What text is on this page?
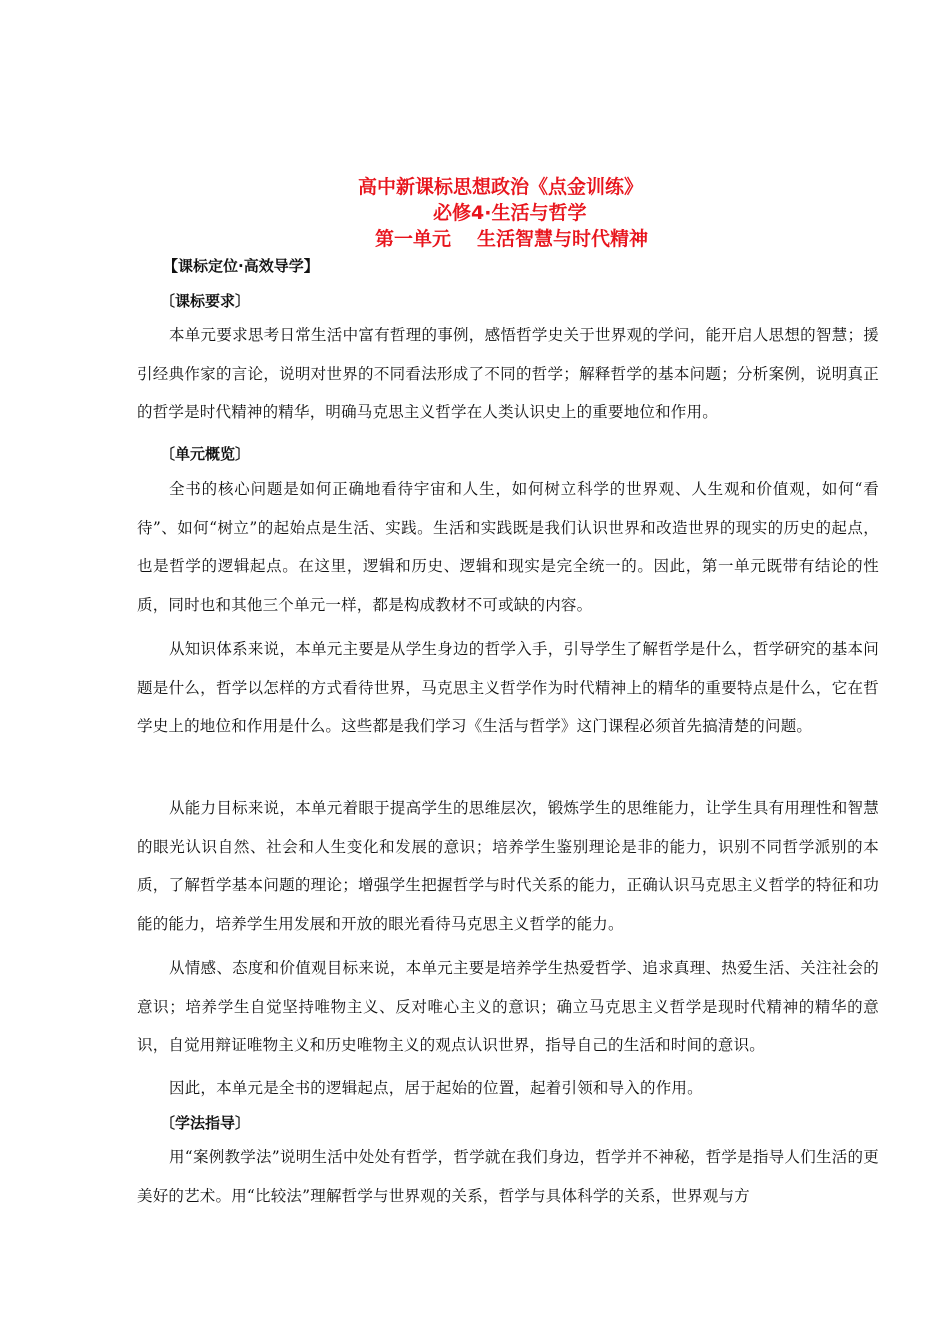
高中新课标思想政治《点金训练》
必修4·生活与哲学
第一单元 生活智慧与时代精神
【课标定位·高效导学】
〔课标要求〕
本单元要求思考日常生活中富有哲理的事例，感悟哲学史关于世界观的学问，能开启人思想的智慧；援引经典作家的言论，说明对世界的不同看法形成了不同的哲学；解释哲学的基本问题；分析案例，说明真正的哲学是时代精神的精华，明确马克思主义哲学在人类认识史上的重要地位和作用。
〔单元概览〕
全书的核心问题是如何正确地看待宇宙和人生，如何树立科学的世界观、人生观和价值观，如何“看待”、如何“树立”的起始点是生活、实践。生活和实践既是我们认识世界和改造世界的现实的历史的起点，也是哲学的逻辑起点。在这里，逻辑和历史、逻辑和现实是完全统一的。因此，第一单元既带有结论的性质，同时也和其他三个单元一样，都是构成教材不可或缺的内容。
从知识体系来说，本单元主要是从学生身边的哲学入手，引导学生了解哲学是什么，哲学研究的基本问题是什么，哲学以怎样的方式看待世界，马克思主义哲学作为时代精神上的精华的重要特点是什么，它在哲学史上的地位和作用是什么。这些都是我们学习《生活与哲学》这门课程必须首先搞清楚的问题。
从能力目标来说，本单元着眼于提高学生的思维层次，锻炼学生的思维能力，让学生具有用理性和智慧的眼光认识自然、社会和人生变化和发展的意识；培养学生鉴别理论是非的能力，识别不同哲学派别的本质，了解哲学基本问题的理论；增强学生把握哲学与时代关系的能力，正确认识马克思主义哲学的特征和功能的能力，培养学生用发展和开放的眼光看待马克思主义哲学的能力。
从情感、态度和价值观目标来说，本单元主要是培养学生热爱哲学、追求真理、热爱生活、关注社会的意识；培养学生自觉坚持唯物主义、反对唯心主义的意识；确立马克思主义哲学是现时代精神的精华的意识，自觉用辩证唯物主义和历史唯物主义的观点认识世界，指导自己的生活和时间的意识。
因此，本单元是全书的逻辑起点，居于起始的位置，起着引领和导入的作用。
〔学法指导〕
用“案例教学法”说明生活中处处有哲学，哲学就在我们身边，哲学并不神秘，哲学是指导人们生活的更美好的艺术。用“比较法”理解哲学与世界观的关系，哲学与具体科学的关系，世界观与方
